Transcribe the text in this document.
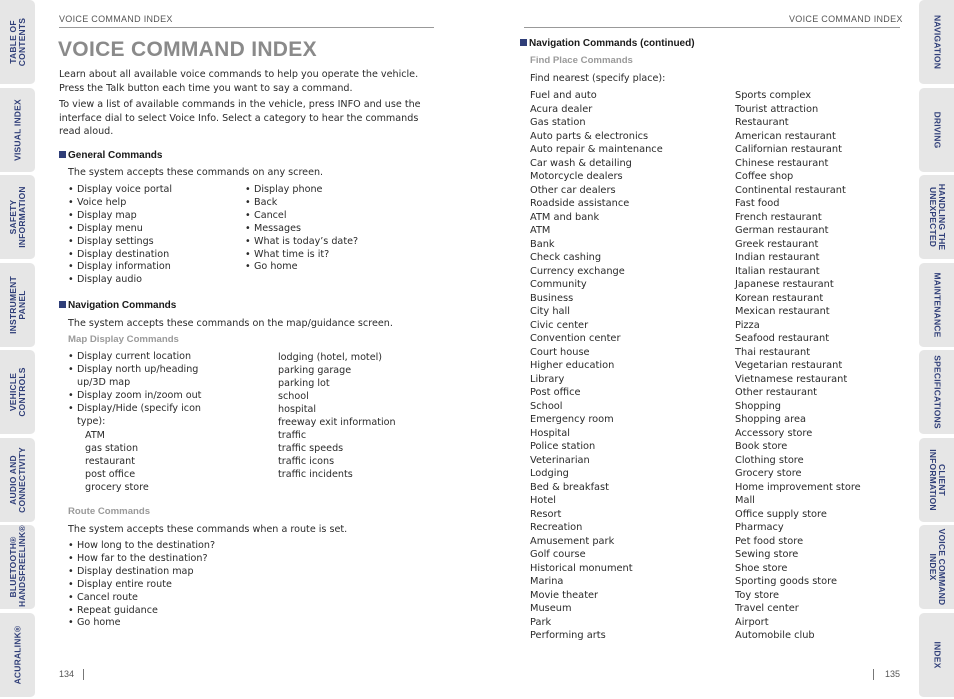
TABLE OF
CONTENTS
VISUAL INDEX
SAFETY
INFORMATION
INSTRUMENT
PANEL
VEHICLE
CONTROLS
AUDIO AND
CONNECTIVITY
BLUETOOTH®
HANDSFREELINK®
ACURALINK®
NAVIGATION
DRIVING
HANDLING THE
UNEXPECTED
MAINTENANCE
SPECIFICATIONS
CLIENT
INFORMATION
VOICE COMMAND
INDEX
INDEX
VOICE COMMAND INDEX
VOICE COMMAND INDEX
Learn about all available voice commands to help you operate the vehicle. Press the Talk button each time you want to say a command.
To view a list of available commands in the vehicle, press INFO and use the interface dial to select Voice Info. Select a category to hear the commands read aloud.
General Commands
The system accepts these commands on any screen.
• Display voice portal
• Voice help
• Display map
• Display menu
• Display settings
• Display destination
• Display information
• Display audio
• Display phone
• Back
• Cancel
• Messages
• What is today’s date?
• What time is it?
• Go home
Navigation Commands
The system accepts these commands on the map/guidance screen.
Map Display Commands
• Display current location
• Display north up/heading up/3D map
• Display zoom in/zoom out
• Display/Hide (specify icon type):
ATM
gas station
restaurant
post office
grocery store
lodging (hotel, motel)
parking garage
parking lot
school
hospital
freeway exit information
traffic
traffic speeds
traffic icons
traffic incidents
Route Commands
The system accepts these commands when a route is set.
• How long to the destination?
• How far to the destination?
• Display destination map
• Display entire route
• Cancel route
• Repeat guidance
• Go home
134
VOICE COMMAND INDEX
Navigation Commands (continued)
Find Place Commands
Find nearest (specify place):
Fuel and auto
Acura dealer
Gas station
Auto parts & electronics
Auto repair & maintenance
Car wash & detailing
Motorcycle dealers
Other car dealers
Roadside assistance
ATM and bank
ATM
Bank
Check cashing
Currency exchange
Community
Business
City hall
Civic center
Convention center
Court house
Higher education
Library
Post office
School
Emergency room
Hospital
Police station
Veterinarian
Lodging
Bed & breakfast
Hotel
Resort
Recreation
Amusement park
Golf course
Historical monument
Marina
Movie theater
Museum
Park
Performing arts
Sports complex
Tourist attraction
Restaurant
American restaurant
Californian restaurant
Chinese restaurant
Coffee shop
Continental restaurant
Fast food
French restaurant
German restaurant
Greek restaurant
Indian restaurant
Italian restaurant
Japanese restaurant
Korean restaurant
Mexican restaurant
Pizza
Seafood restaurant
Thai restaurant
Vegetarian restaurant
Vietnamese restaurant
Other restaurant
Shopping
Shopping area
Accessory store
Book store
Clothing store
Grocery store
Home improvement store
Mall
Office supply store
Pharmacy
Pet food store
Sewing store
Shoe store
Sporting goods store
Toy store
Travel center
Airport
Automobile club
135
